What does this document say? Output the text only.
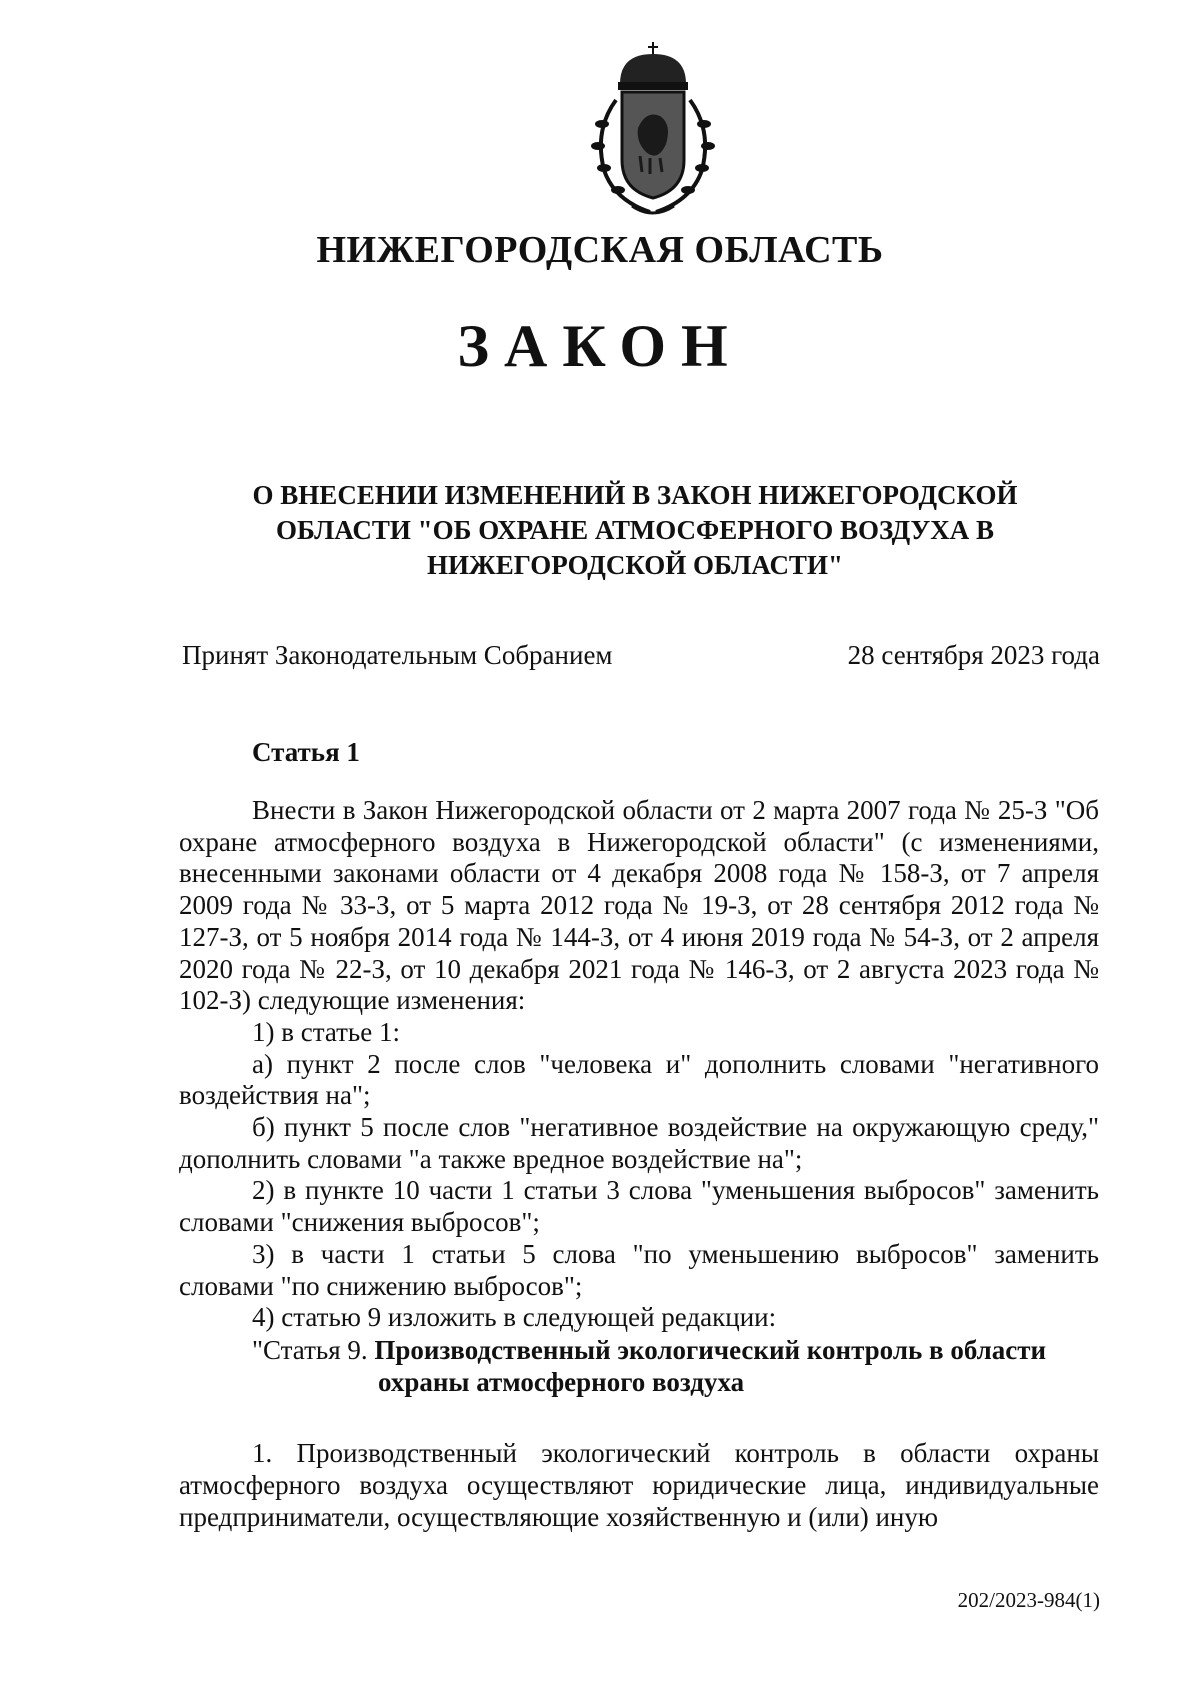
НИЖЕГОРОДСКАЯ ОБЛАСТЬ
ЗАКОН
О ВНЕСЕНИИ ИЗМЕНЕНИЙ В ЗАКОН НИЖЕГОРОДСКОЙ
ОБЛАСТИ "ОБ ОХРАНЕ АТМОСФЕРНОГО ВОЗДУХА В
НИЖЕГОРОДСКОЙ ОБЛАСТИ"
Принят Законодательным Собранием	28 сентября 2023 года
Статья 1

Внести в Закон Нижегородской области от 2 марта 2007 года № 25-З "Об охране атмосферного воздуха в Нижегородской области" (с изменениями, внесенными законами области от 4 декабря 2008 года № 158-З, от 7 апреля 2009 года № 33-З, от 5 марта 2012 года № 19-З, от 28 сентября 2012 года № 127-З, от 5 ноября 2014 года № 144-З, от 4 июня 2019 года № 54-З, от 2 апреля 2020 года № 22-З, от 10 декабря 2021 года № 146-З, от 2 августа 2023 года № 102-З) следующие изменения:

1) в статье 1:

а) пункт 2 после слов "человека и" дополнить словами "негативного воздействия на";

б) пункт 5 после слов "негативное воздействие на окружающую среду," дополнить словами "а также вредное воздействие на";

2) в пункте 10 части 1 статьи 3 слова "уменьшения выбросов" заменить словами "снижения выбросов";

3) в части 1 статьи 5 слова "по уменьшению выбросов" заменить словами "по снижению выбросов";

4) статью 9 изложить в следующей редакции:

"Статья 9. Производственный экологический контроль в области

охраны атмосферного воздуха

1. Производственный экологический контроль в области охраны атмосферного воздуха осуществляют юридические лица, индивидуальные предприниматели, осуществляющие хозяйственную и (или) иную

202/2023-984(1)
